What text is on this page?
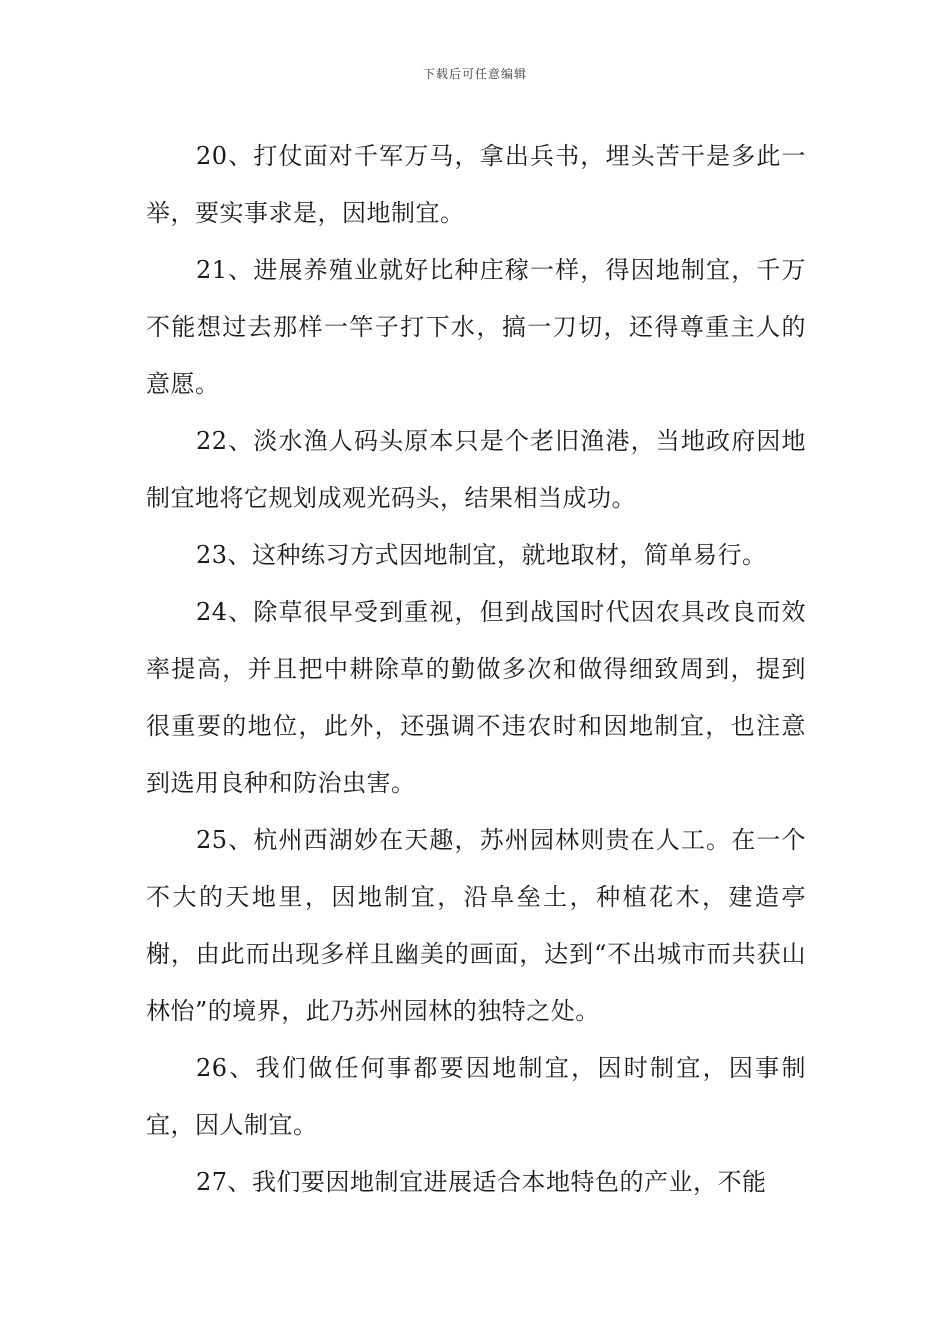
下载后可任意编辑

20、打仗面对千军万马，拿出兵书，埋头苦干是多此一举，要实事求是，因地制宜。

21、进展养殖业就好比种庄稼一样，得因地制宜，千万不能想过去那样一竿子打下水，搞一刀切，还得尊重主人的意愿。

22、淡水渔人码头原本只是个老旧渔港，当地政府因地制宜地将它规划成观光码头，结果相当成功。

23、这种练习方式因地制宜，就地取材，简单易行。

24、除草很早受到重视，但到战国时代因农具改良而效率提高，并且把中耕除草的勤做多次和做得细致周到，提到很重要的地位，此外，还强调不违农时和因地制宜，也注意到选用良种和防治虫害。

25、杭州西湖妙在天趣，苏州园林则贵在人工。在一个不大的天地里，因地制宜，沿阜垒土，种植花木，建造亭榭，由此而出现多样且幽美的画面，达到“不出城市而共获山林怡”的境界，此乃苏州园林的独特之处。

26、我们做任何事都要因地制宜，因时制宜，因事制宜，因人制宜。

27、我们要因地制宜进展适合本地特色的产业，不能
